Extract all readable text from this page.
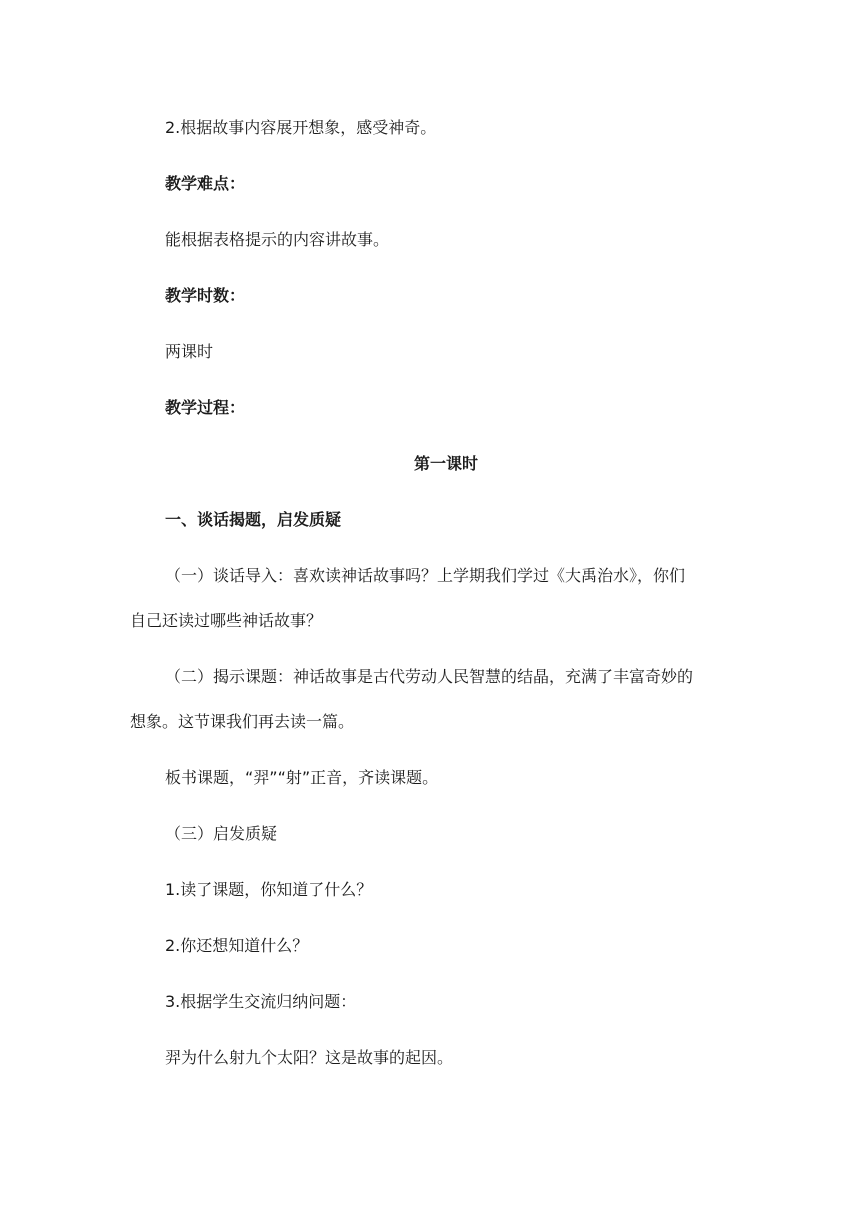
2.根据故事内容展开想象，感受神奇。
教学难点：
能根据表格提示的内容讲故事。
教学时数：
两课时
教学过程：
第一课时
一、谈话揭题，启发质疑
（一）谈话导入：喜欢读神话故事吗？上学期我们学过《大禹治水》，你们
自己还读过哪些神话故事？
（二）揭示课题：神话故事是古代劳动人民智慧的结晶，充满了丰富奇妙的
想象。这节课我们再去读一篇。
板书课题，“羿”“射”正音，齐读课题。
（三）启发质疑
1.读了课题，你知道了什么？
2.你还想知道什么？
3.根据学生交流归纳问题：
羿为什么射九个太阳？这是故事的起因。
